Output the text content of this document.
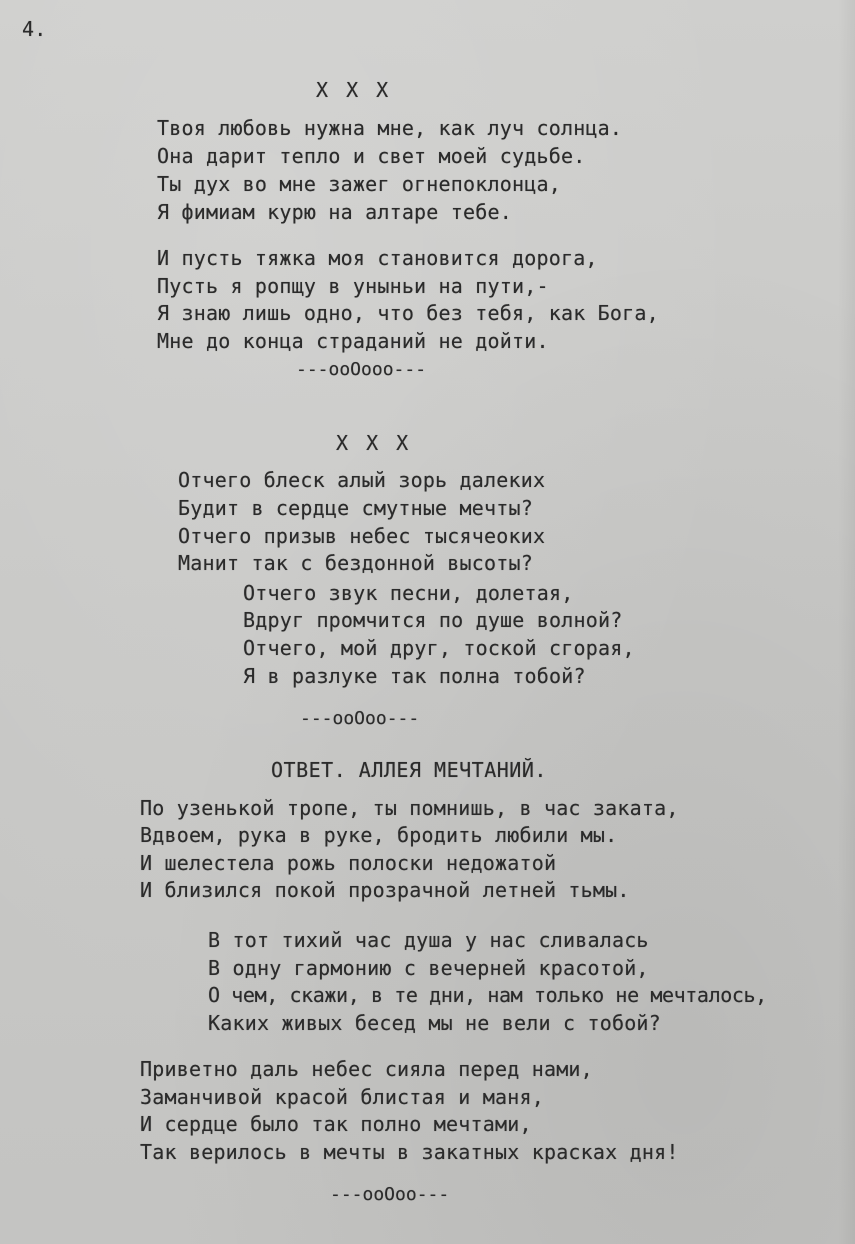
4.
Х Х Х
Твоя любовь нужна мне, как луч солнца.
Она дарит тепло и свет моей судьбе.
Ты дух во мне зажег огнепоклонца,
Я фимиам курю на алтаре тебе.
И пусть тяжка моя становится дорога,
Пусть я ропщу в уныньи на пути,-
Я знаю лишь одно, что без тебя, как Бога,
Мне до конца страданий не дойти.
---ооОооо---
Х Х Х
Отчего блеск алый зорь далеких
Будит в сердце смутные мечты?
Отчего призыв небес тысячеоких
Манит так с бездонной высоты?
Отчего звук песни, долетая,
Вдруг промчится по душе волной?
Отчего, мой друг, тоской сгорая,
Я в разлуке так полна тобой?
---ооОоо---
ОТВЕТ. АЛЛЕЯ МЕЧТАНИЙ.
По узенькой тропе, ты помнишь, в час заката,
Вдвоем, рука в руке, бродить любили мы.
И шелестела рожь полоски недожатой
И близился покой прозрачной летней тьмы.
В тот тихий час душа у нас сливалась
В одну гармонию с вечерней красотой,
О чем, скажи, в те дни, нам только не мечталось,
Каких живых бесед мы не вели с тобой?
Приветно даль небес сияла перед нами,
Заманчивой красой блистая и маня,
И сердце было так полно мечтами,
Так верилось в мечты в закатных красках дня!
---ооОоо---
